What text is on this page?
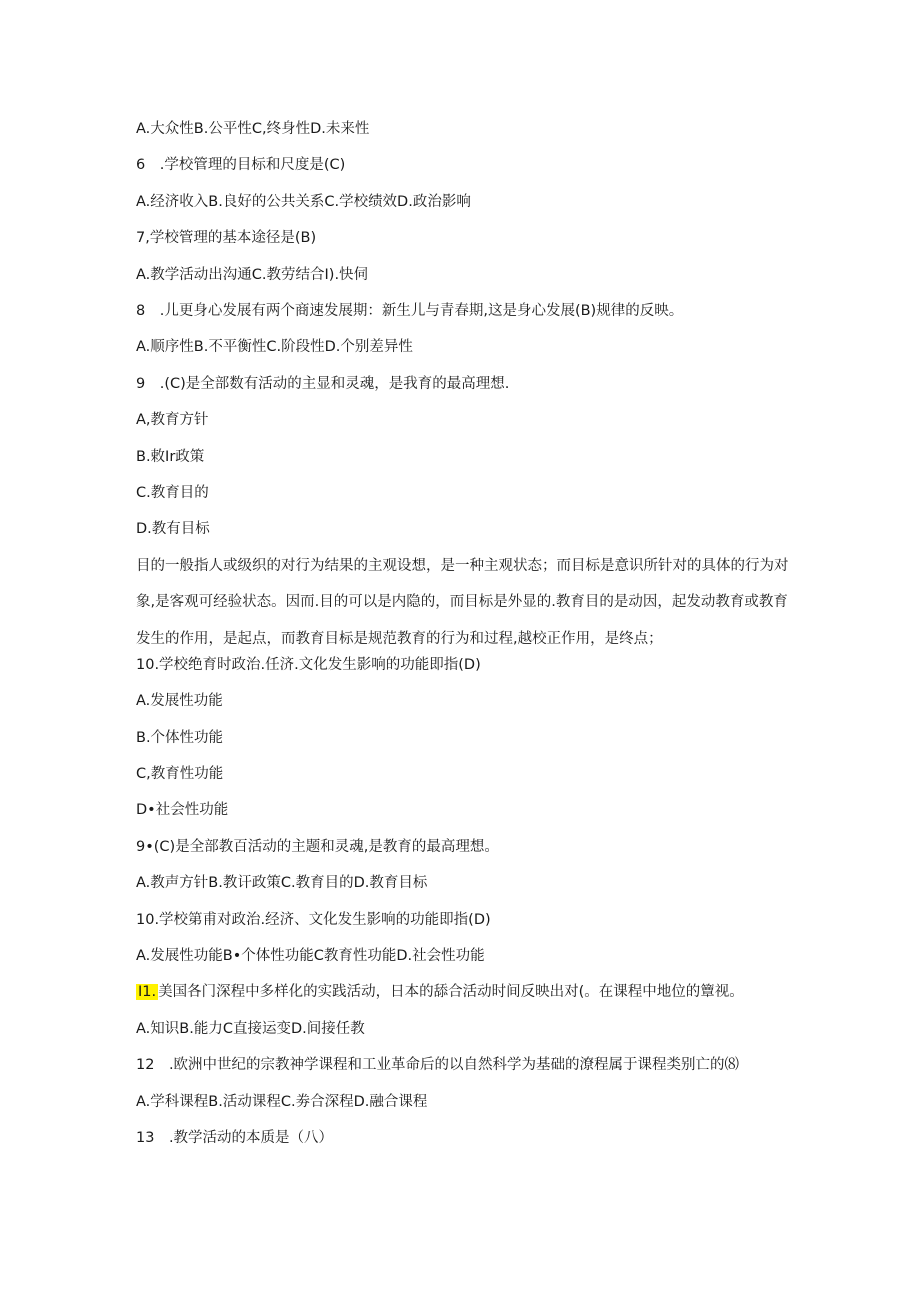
A.大众性B.公平性C,终身性D.未来性
6　.学校管理的目标和尺度是(C)
A.经济收入B.良好的公共关系C.学校绩效D.政治影响
7,学校管理的基本途径是(B)
A.教学活动出沟通C.教劳结合I).快伺
8　.儿更身心发展有两个商速发展期：新生儿与青春期,这是身心发展(B)规律的反映。
A.顺序性B.不平衡性C.阶段性D.个别差异性
9　.(C)是全部数有活动的主显和灵魂，是我育的最高理想.
A,教育方针
B.敕Ir政策
C.教育目的
D.教有目标
目的一般指人或级织的对行为结果的主观设想，是一种主观状态；而目标是意识所针对的具体的行为对象,是客观可经验状态。因而.目的可以是内隐的，而目标是外显的.教育目的是动因，起发动教育或教育发生的作用，是起点，而教育目标是规范教育的行为和过程,越校正作用，是终点；
10.学校绝育时政治.任济.文化发生影响的功能即指(D)
A.发展性功能
B.个体性功能
C,教育性功能
D•社会性功能
9•(C)是全部教百活动的主题和灵魂,是教育的最高理想。
A.教声方针B.教讦政策C.教育目的D.教育目标
10.学校第甫对政治.经济、文化发生影响的功能即指(D)
A.发展性功能B•个体性功能C教育性功能D.社会性功能
I1. 美国各门深程中多样化的实践活动，日本的舔合活动时间反映出对(。在课程中地位的簟视。
A.知识B.能力C直接运变D.间接任教
12　.欧洲中世纪的宗教神学课程和工业革命后的以自然科学为基础的潦程属于课程类别亡的⑻
A.学科课程B.活动课程C.劵合深程D.融合课程
13　.教学活动的本质是（八）
